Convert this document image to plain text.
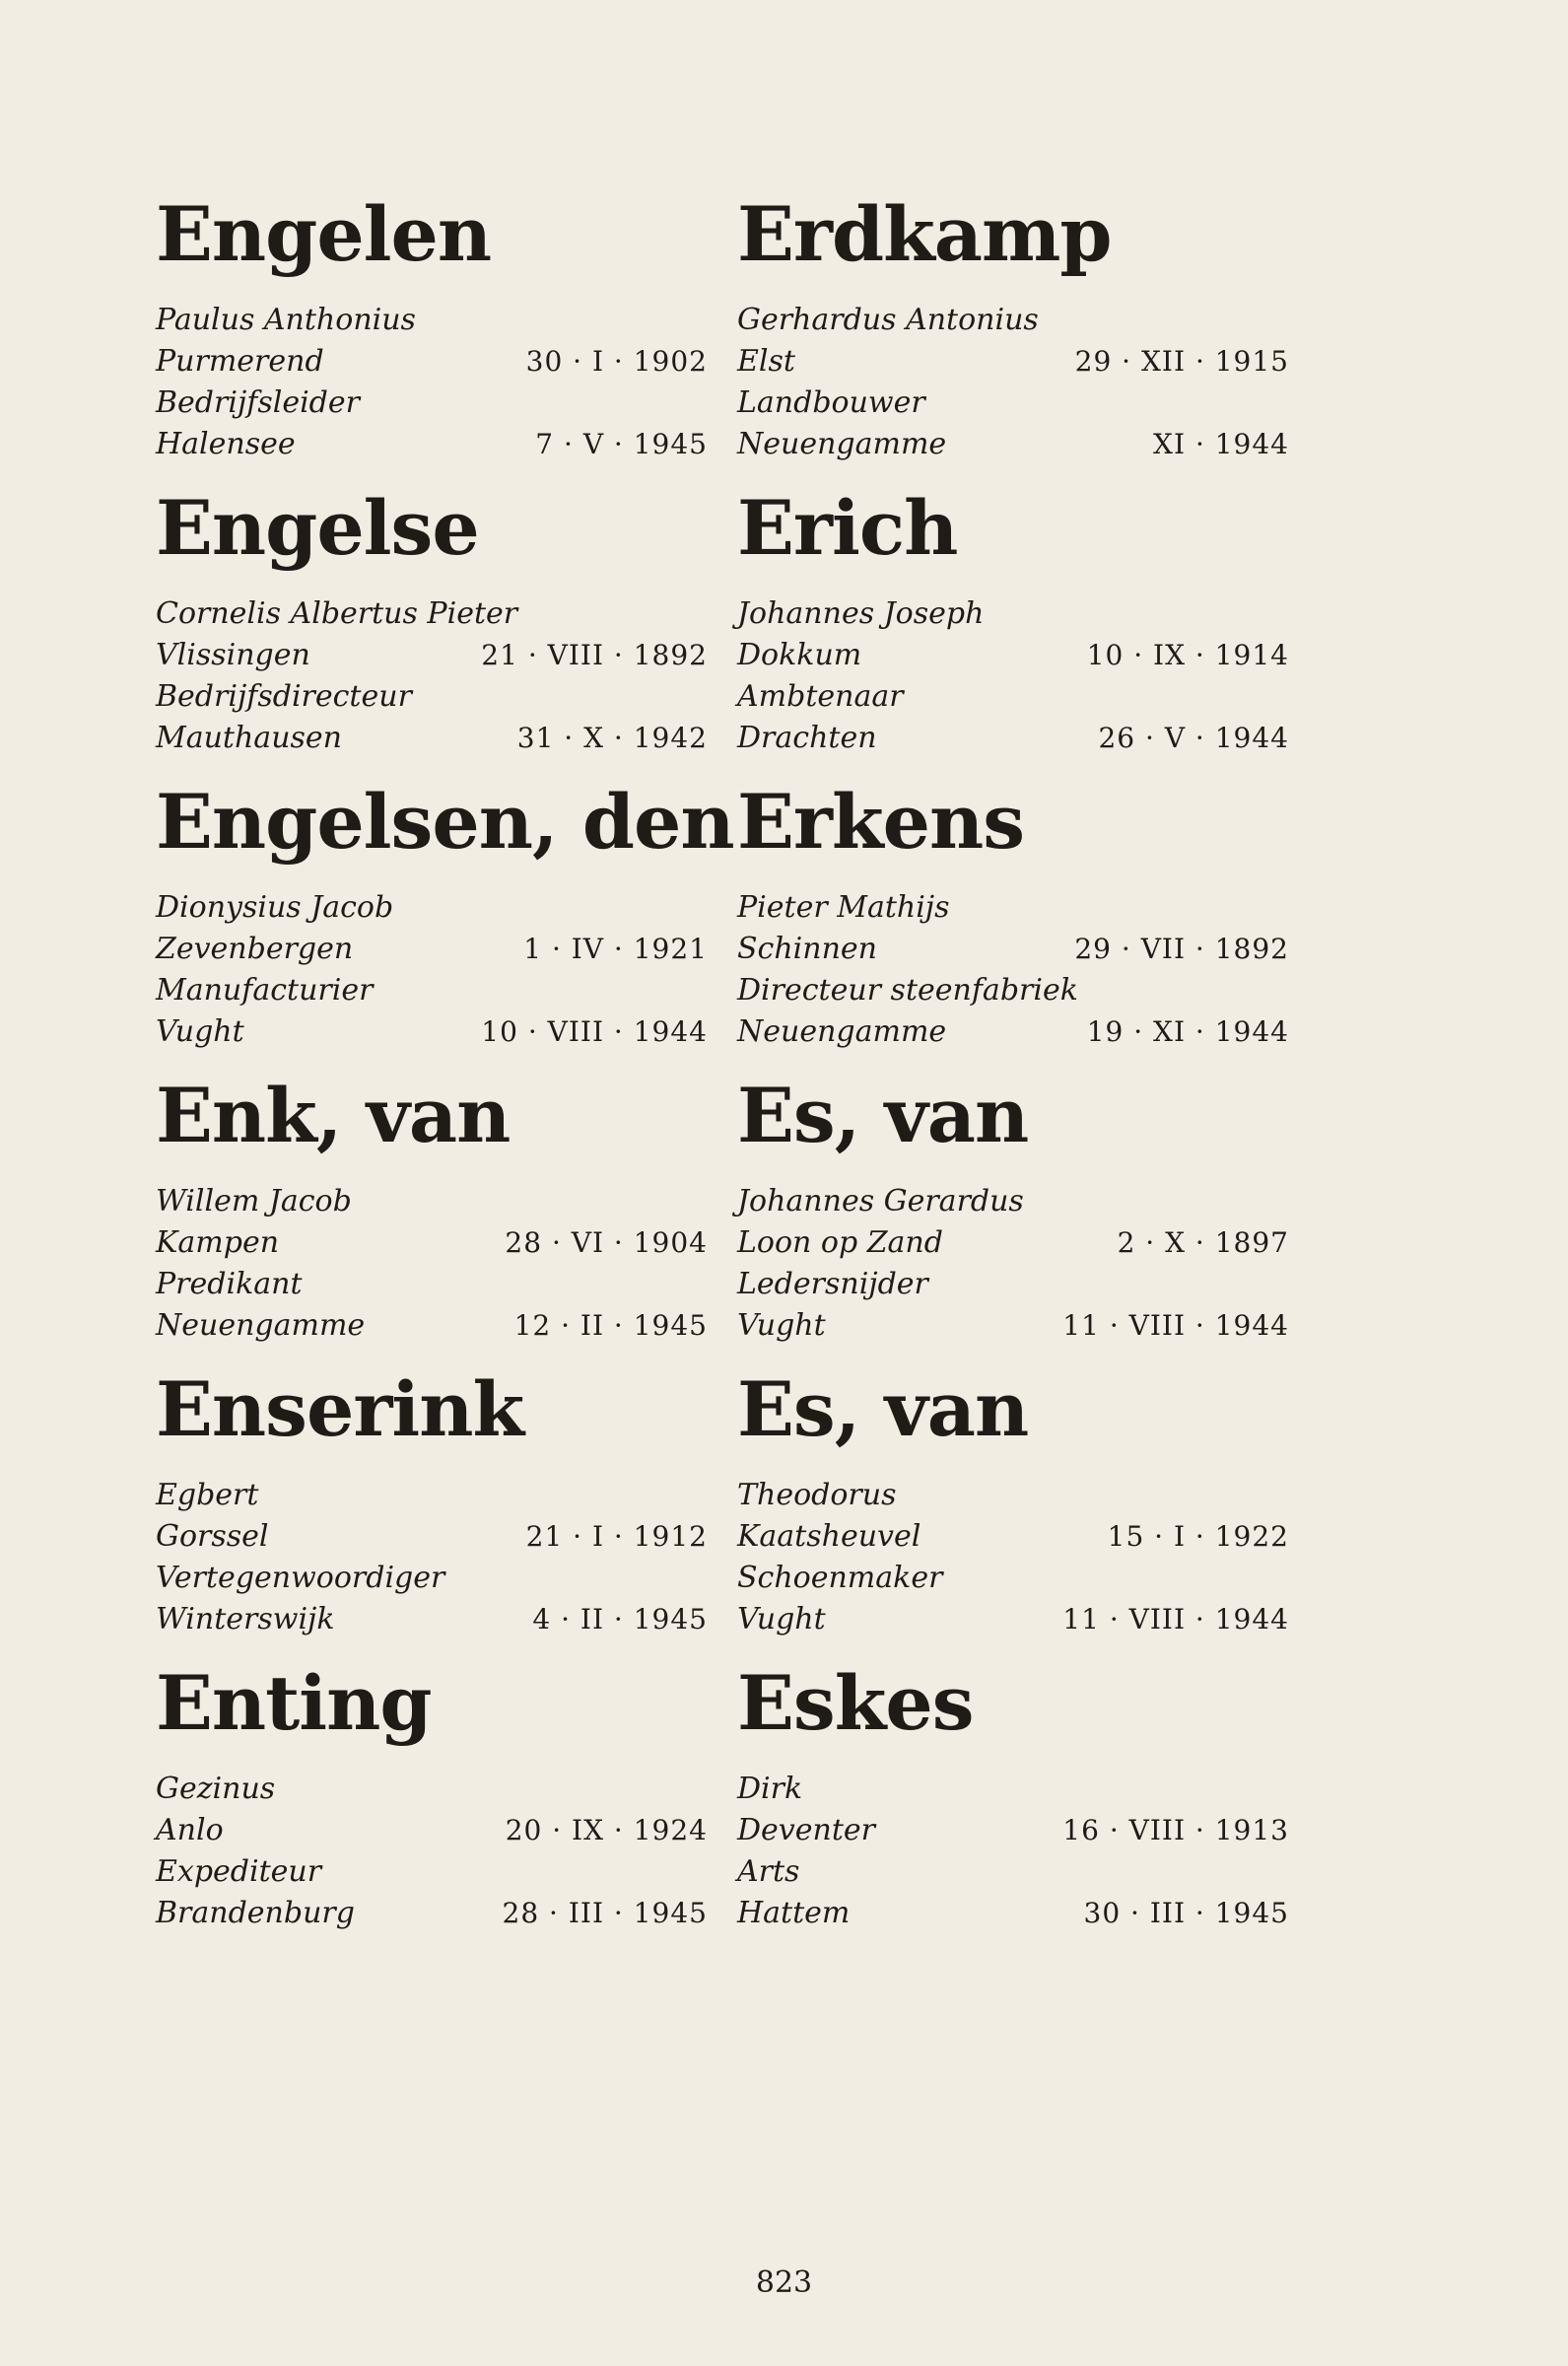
Engelen
Paulus Anthonius
Purmerend	30 · I · 1902
Bedrijfsleider
Halensee	7 · V · 1945
Engelse
Cornelis Albertus Pieter
Vlissingen	21 · VIII · 1892
Bedrijfsdirecteur
Mauthausen	31 · X · 1942
Engelsen, den
Dionysius Jacob
Zevenbergen	1 · IV · 1921
Manufacturier
Vught	10 · VIII · 1944
Enk, van
Willem Jacob
Kampen	28 · VI · 1904
Predikant
Neuengamme	12 · II · 1945
Enserink
Egbert
Gorssel	21 · I · 1912
Vertegenwoordiger
Winterswijk	4 · II · 1945
Enting
Gezinus
Anlo	20 · IX · 1924
Expediteur
Brandenburg	28 · III · 1945
Erdkamp
Gerhardus Antonius
Elst	29 · XII · 1915
Landbouwer
Neuengamme	XI · 1944
Erich
Johannes Joseph
Dokkum	10 · IX · 1914
Ambtenaar
Drachten	26 · V · 1944
Erkens
Pieter Mathijs
Schinnen	29 · VII · 1892
Directeur steenfabriek
Neuengamme	19 · XI · 1944
Es, van
Johannes Gerardus
Loon op Zand	2 · X · 1897
Ledersnijder
Vught	11 · VIII · 1944
Es, van
Theodorus
Kaatsheuvel	15 · I · 1922
Schoenmaker
Vught	11 · VIII · 1944
Eskes
Dirk
Deventer	16 · VIII · 1913
Arts
Hattem	30 · III · 1945
823
